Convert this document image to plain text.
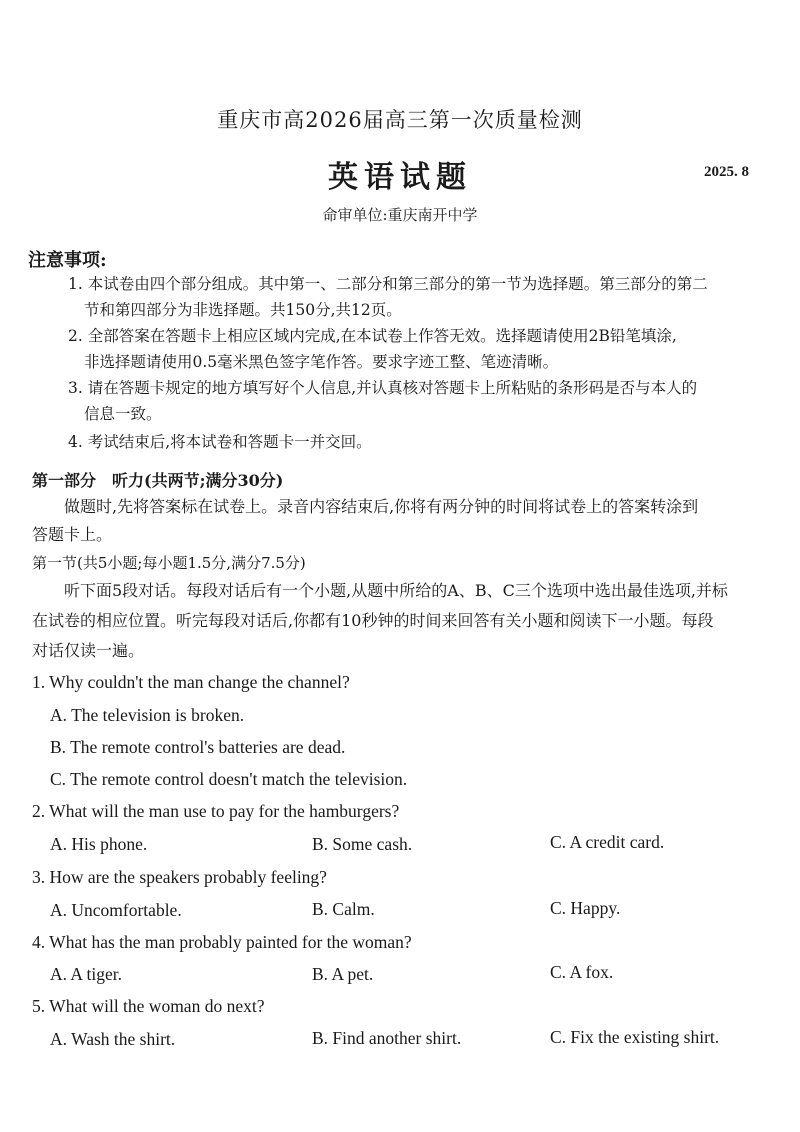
重庆市高2026届高三第一次质量检测
英语试题	2025. 8
命审单位:重庆南开中学
注意事项:
1. 本试卷由四个部分组成。其中第一、二部分和第三部分的第一节为选择题。第三部分的第二
节和第四部分为非选择题。共150分,共12页。
2. 全部答案在答题卡上相应区域内完成,在本试卷上作答无效。选择题请使用2B铅笔填涂,
非选择题请使用0.5毫米黑色签字笔作答。要求字迹工整、笔迹清晰。
3. 请在答题卡规定的地方填写好个人信息,并认真核对答题卡上所粘贴的条形码是否与本人的
信息一致。
4. 考试结束后,将本试卷和答题卡一并交回。
第一部分　听力(共两节;满分30分)
做题时,先将答案标在试卷上。录音内容结束后,你将有两分钟的时间将试卷上的答案转涂到
答题卡上。
第一节(共5小题;每小题1.5分,满分7.5分)
听下面5段对话。每段对话后有一个小题,从题中所给的A、B、C三个选项中选出最佳选项,并标
在试卷的相应位置。听完每段对话后,你都有10秒钟的时间来回答有关小题和阅读下一小题。每段
对话仅读一遍。
1. Why couldn't the man change the channel?
A. The television is broken.
B. The remote control's batteries are dead.
C. The remote control doesn't match the television.
2. What will the man use to pay for the hamburgers?
A. His phone.	B. Some cash.	C. A credit card.
3. How are the speakers probably feeling?
A. Uncomfortable.	B. Calm.	C. Happy.
4. What has the man probably painted for the woman?
A. A tiger.	B. A pet.	C. A fox.
5. What will the woman do next?
A. Wash the shirt.	B. Find another shirt.	C. Fix the existing shirt.
